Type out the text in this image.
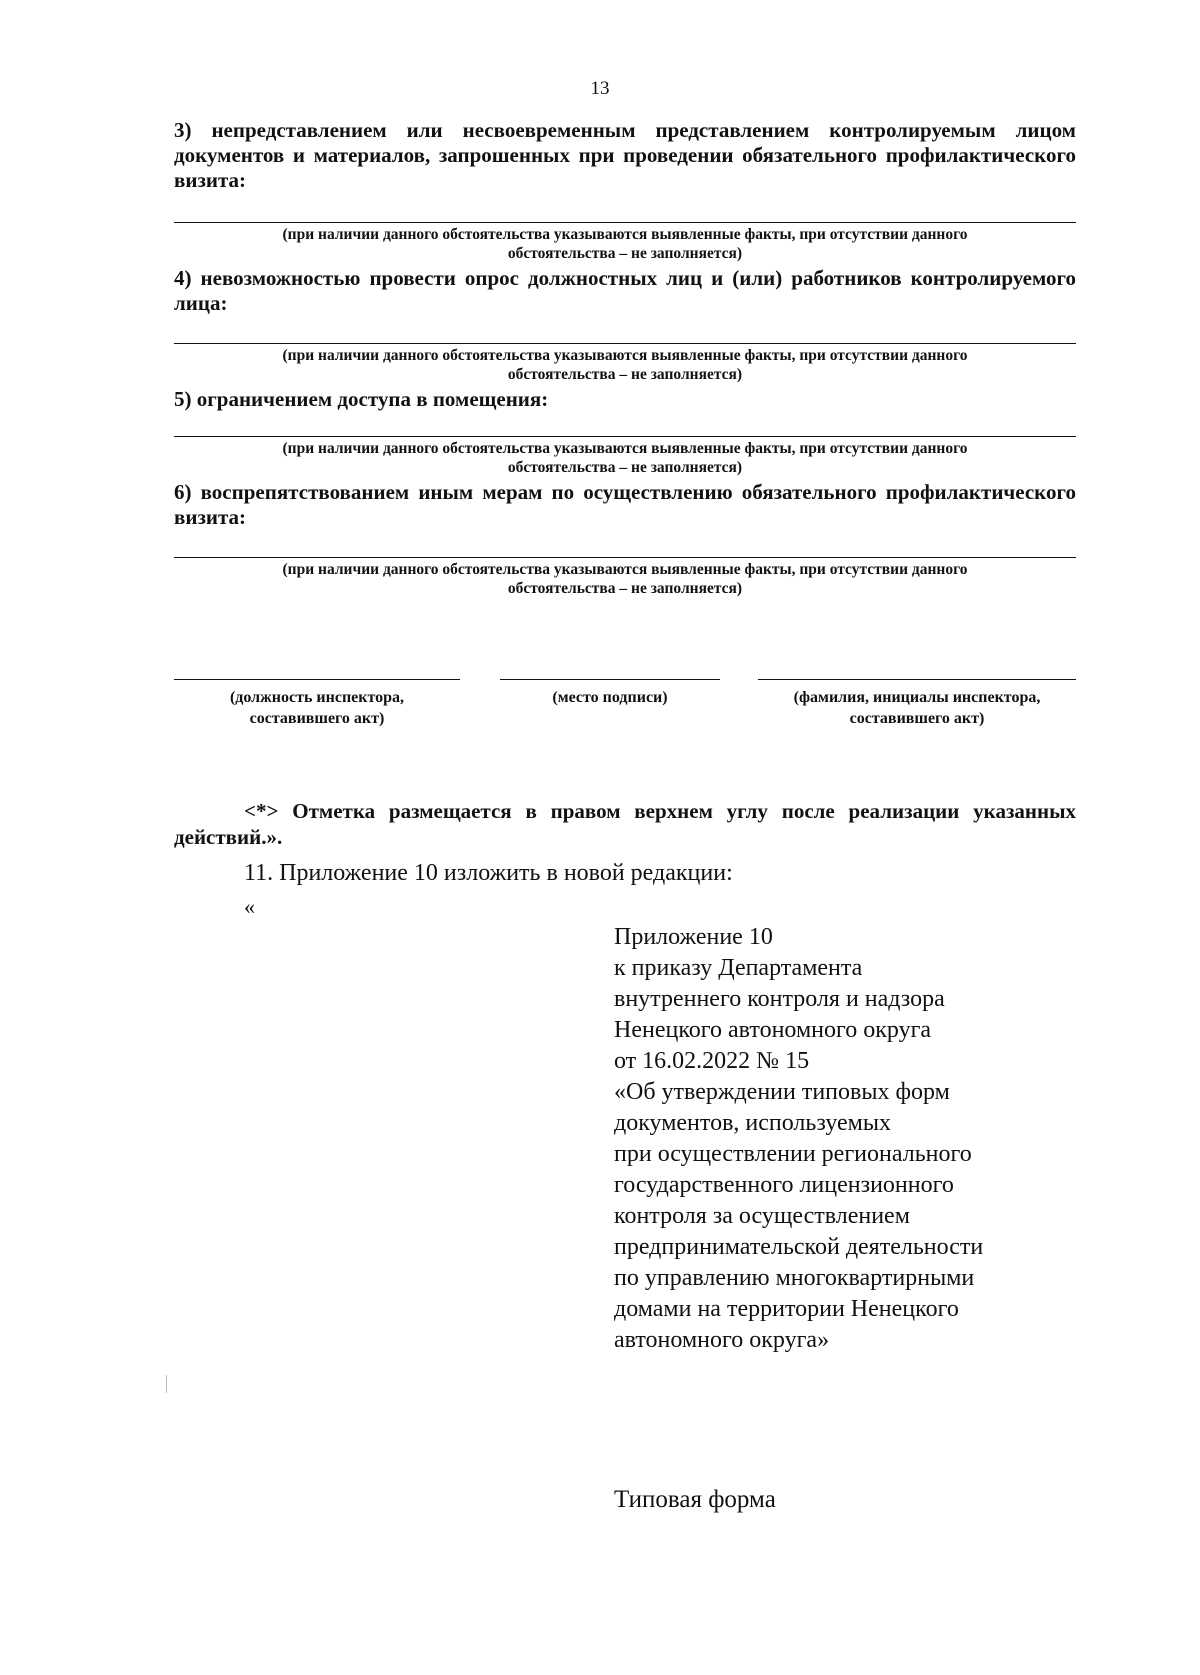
13
3) непредставлением или несвоевременным представлением контролируемым лицом документов и материалов, запрошенных при проведении обязательного профилактического визита:
(при наличии данного обстоятельства указываются выявленные факты, при отсутствии данного
обстоятельства – не заполняется)
4) невозможностью провести опрос должностных лиц и (или) работников контролируемого лица:
(при наличии данного обстоятельства указываются выявленные факты, при отсутствии данного
обстоятельства – не заполняется)
5) ограничением доступа в помещения:
(при наличии данного обстоятельства указываются выявленные факты, при отсутствии данного
обстоятельства – не заполняется)
6) воспрепятствованием иным мерам по осуществлению обязательного профилактического визита:
(при наличии данного обстоятельства указываются выявленные факты, при отсутствии данного
обстоятельства – не заполняется)
(должность инспектора,
составившего акт)
(место подписи)	(фамилия, инициалы инспектора,
составившего акт)
<*> Отметка размещается в правом верхнем углу после реализации указанных
действий.».
11. Приложение 10 изложить в новой редакции:
«
Приложение 10
к приказу Департамента
внутреннего контроля и надзора
Ненецкого автономного округа
от 16.02.2022 № 15
«Об утверждении типовых форм
документов, используемых
при осуществлении регионального
государственного лицензионного
контроля за осуществлением
предпринимательской деятельности
по управлению многоквартирными
домами на территории Ненецкого
автономного округа»
Типовая форма
